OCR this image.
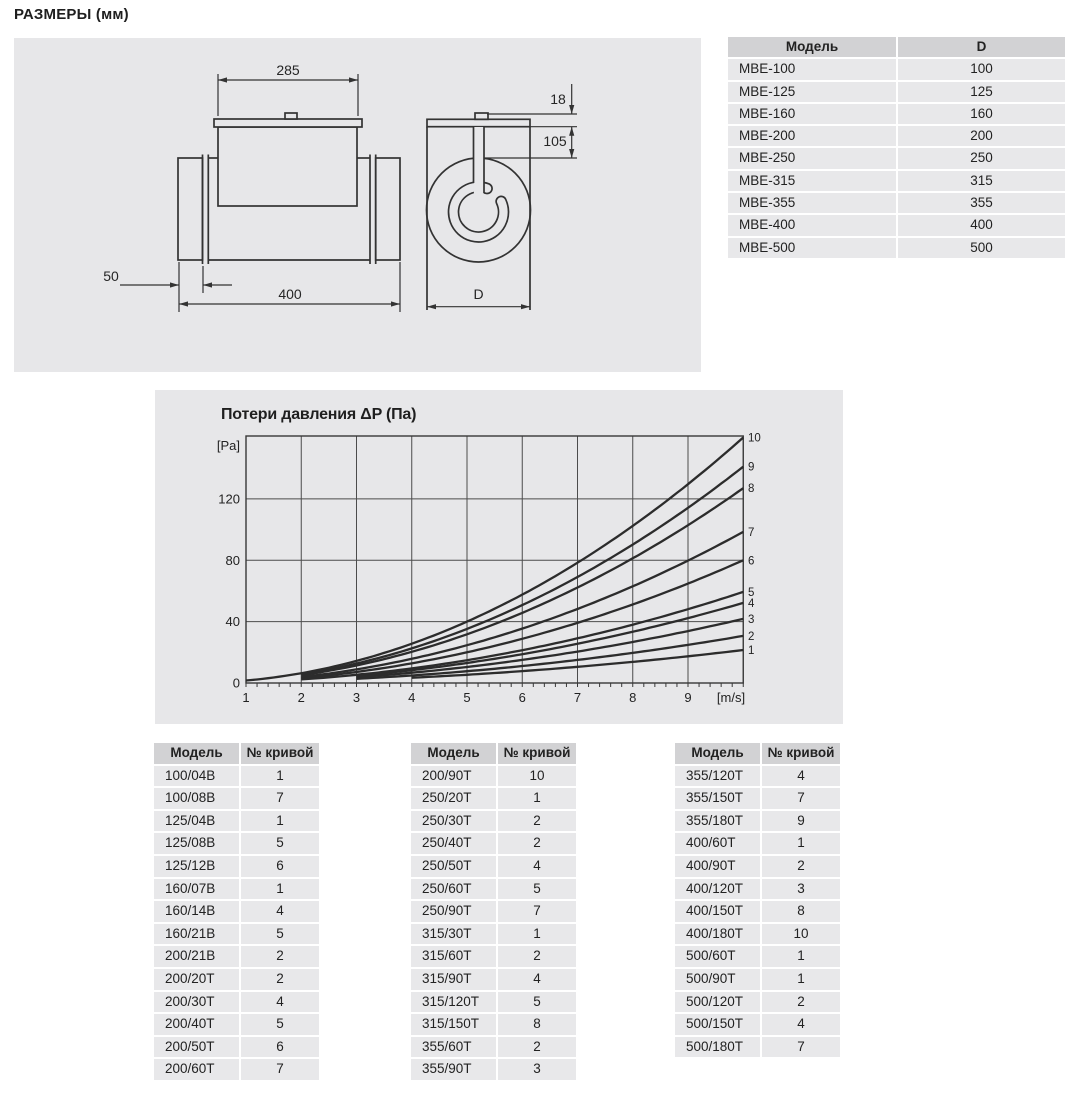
РАЗМЕРЫ (мм)
285
400
50
18
105
D
Модель	D
MBE-100	100
MBE-125	125
MBE-160	160
MBE-200	200
MBE-250	250
MBE-315	315
MBE-355	355
MBE-400	400
MBE-500	500
Потери давления ΔP (Па)
1	2	3	4	5	6	7	8	9 [m/s]
0
40
80
120
[Pa]
1
2
3
4
5
6
7
8
9
10
Модель	№ кривой
100/04B	1
100/08B	7
125/04B	1
125/08B	5
125/12B	6
160/07B	1
160/14B	4
160/21B	5
200/21B	2
200/20T	2
200/30T	4
200/40T	5
200/50T	6
200/60T	7
Модель	№ кривой
200/90T	10
250/20T	1
250/30T	2
250/40T	2
250/50T	4
250/60T	5
250/90T	7
315/30T	1
315/60T	2
315/90T	4
315/120T	5
315/150T	8
355/60T	2
355/90T	3
Модель	№ кривой
355/120T	4
355/150T	7
355/180T	9
400/60T	1
400/90T	2
400/120T	3
400/150T	8
400/180T	10
500/60T	1
500/90T	1
500/120T	2
500/150T	4
500/180T	7
